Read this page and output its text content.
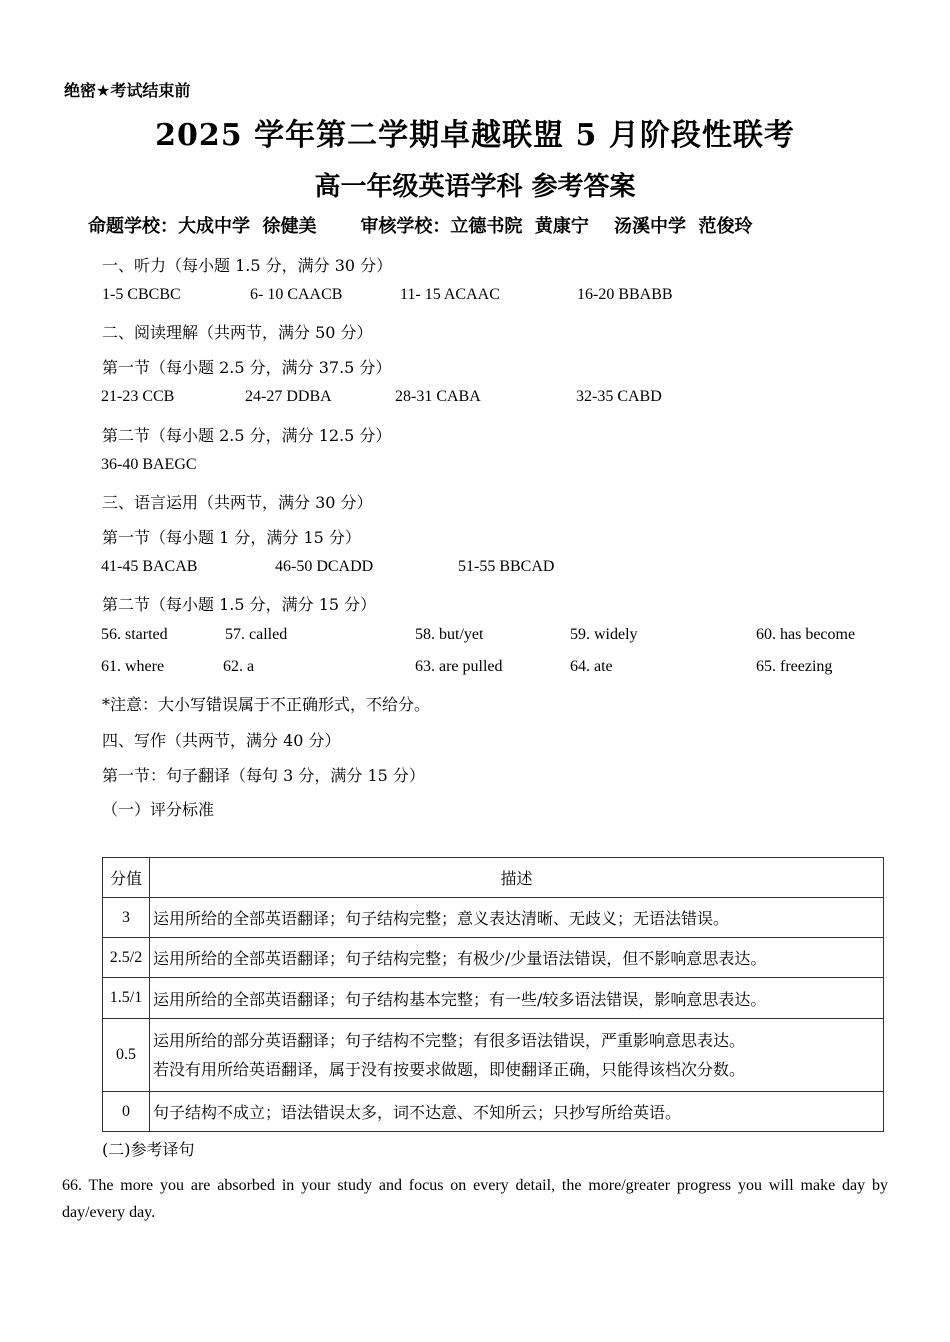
绝密★考试结束前
2025 学年第二学期卓越联盟 5 月阶段性联考
高一年级英语学科 参考答案
命题学校：大成中学  徐健美       审核学校：立德书院  黄康宁    汤溪中学  范俊玲
一、听力（每小题 1.5 分，满分 30 分）
1-5 CBCBC	6- 10 CAACB	11- 15 ACAAC	16-20 BBABB
二、阅读理解（共两节，满分 50 分）
第一节（每小题 2.5 分，满分 37.5 分）
21-23 CCB	24-27 DDBA	28-31 CABA	32-35 CABD
第二节（每小题 2.5 分，满分 12.5 分）
36-40 BAEGC
三、语言运用（共两节，满分 30 分）
第一节（每小题 1 分，满分 15 分）
41-45 BACAB	46-50 DCADD	51-55 BBCAD
第二节（每小题 1.5 分，满分 15 分）
56. started	57. called	58. but/yet	59. widely	60. has become
61. where	62. a	63. are pulled	64. ate	65. freezing
*注意：大小写错误属于不正确形式，不给分。
四、写作（共两节，满分 40 分）
第一节：句子翻译（每句 3 分，满分 15 分）
（一）评分标准
分值	描述
3	运用所给的全部英语翻译；句子结构完整；意义表达清晰、无歧义；无语法错误。
2.5/2	运用所给的全部英语翻译；句子结构完整；有极少/少量语法错误，但不影响意思表达。
1.5/1	运用所给的全部英语翻译；句子结构基本完整；有一些/较多语法错误，影响意思表达。
0.5	运用所给的部分英语翻译；句子结构不完整；有很多语法错误，严重影响意思表达。
若没有用所给英语翻译，属于没有按要求做题，即使翻译正确，只能得该档次分数。

0	句子结构不成立；语法错误太多，词不达意、不知所云；只抄写所给英语。
(二)参考译句
66. The more you are absorbed in your study and focus on every detail, the more/greater progress you will make day by day/every day.
